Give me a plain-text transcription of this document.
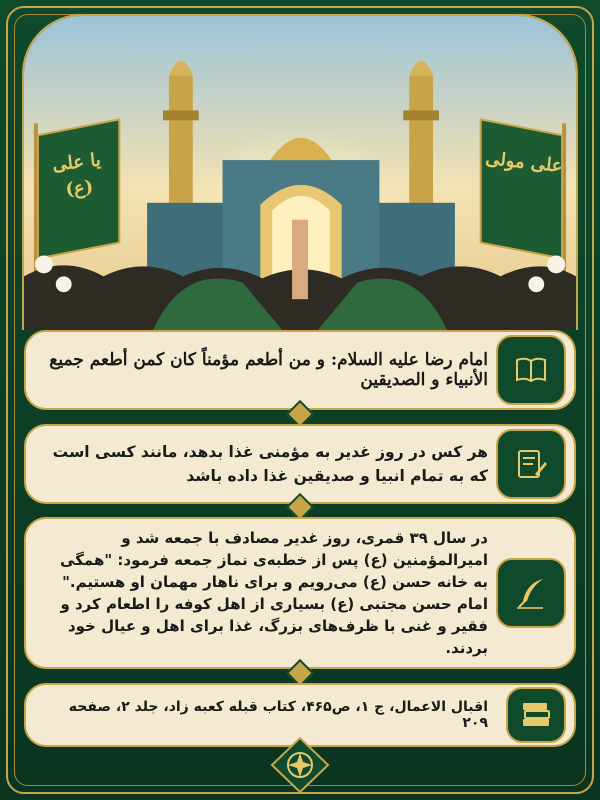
یا علی (ع)
علی مولی
امام رضا علیه السلام: و من أطعم مؤمناً كان كمن أطعم جمیع الأنبیاء و الصدیقین
هر کس در روز غدیر به مؤمنی غذا بدهد، مانند کسی است که به تمام انبیا و صدیقین غذا داده باشد
در سال ۳۹ قمری، روز غدیر مصادف با جمعه شد و امیرالمؤمنین (ع) پس از خطبه‌ی نماز جمعه فرمود: "همگی به خانه حسن (ع) می‌رویم و برای ناهار مهمان او هستیم." امام حسن مجتبی (ع) بسیاری از اهل کوفه را اطعام کرد و فقیر و غنی با ظرف‌های بزرگ، غذا برای اهل و عیال خود بردند.
اقبال الاعمال، ج ۱، ص۴۶۵، کتاب قبله کعبه زاد، جلد ۲، صفحه ۲۰۹
